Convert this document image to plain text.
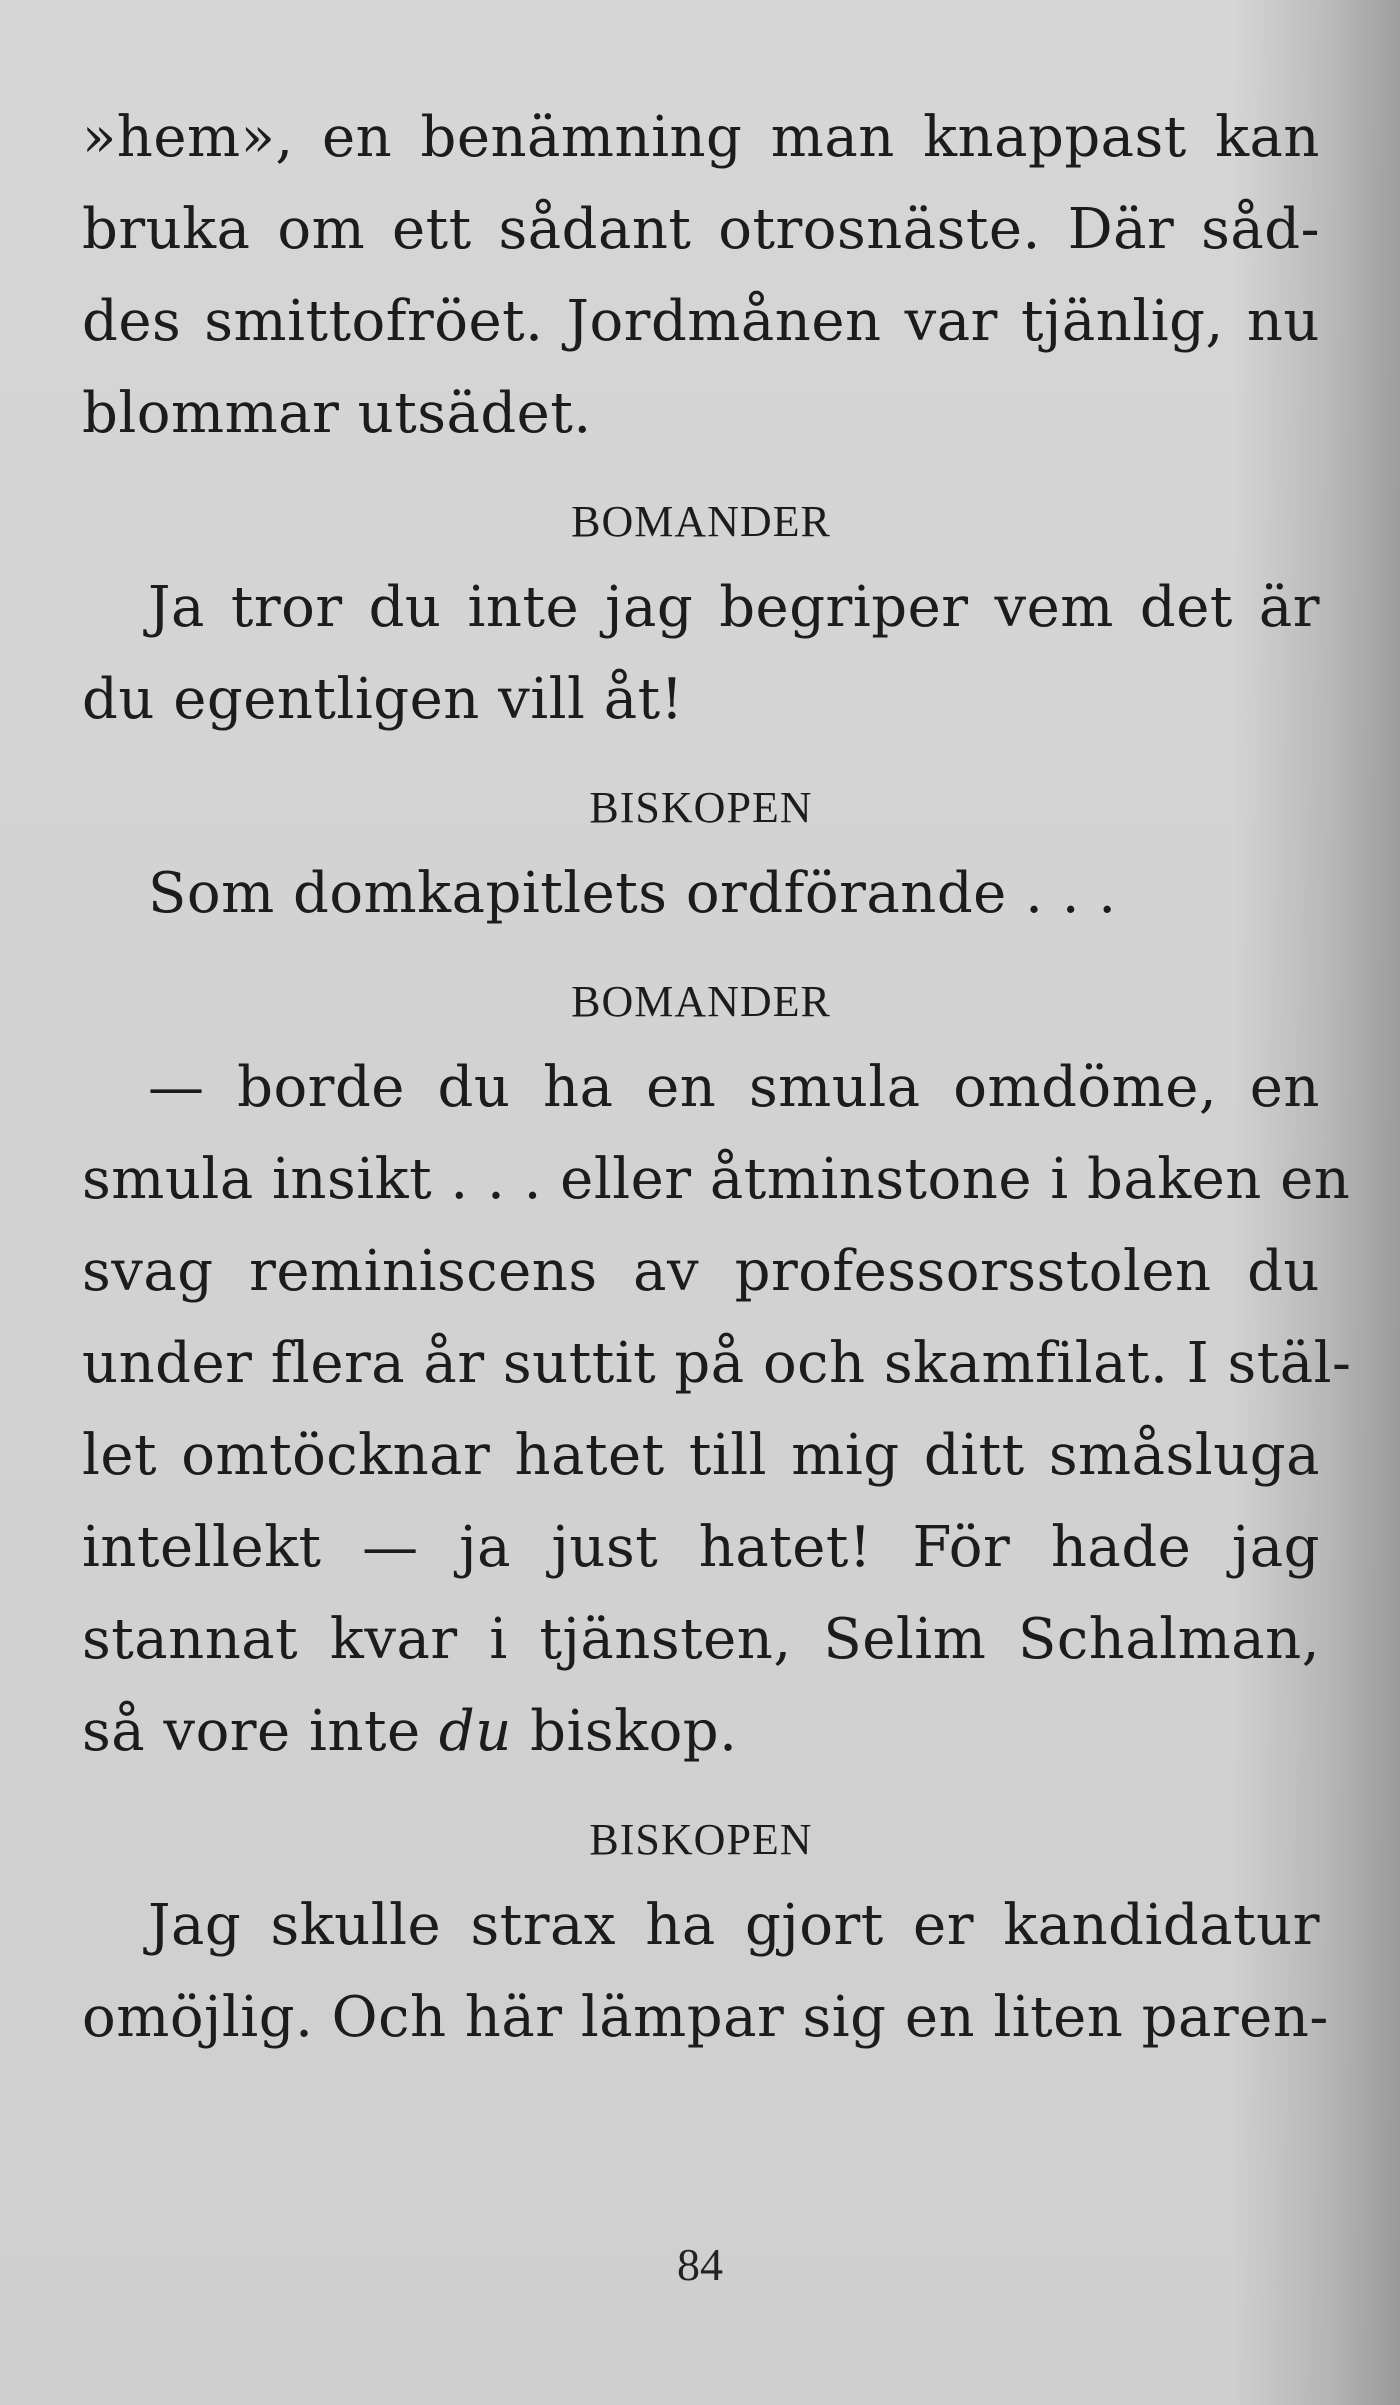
»hem», en benämning man knappast kan
bruka om ett sådant otrosnäste. Där såd-
des smittofröet. Jordmånen var tjänlig, nu
blommar utsädet.
BOMANDER
Ja tror du inte jag begriper vem det är
du egentligen vill åt!
BISKOPEN
Som domkapitlets ordförande . . .
BOMANDER
— borde du ha en smula omdöme, en
smula insikt . . . eller åtminstone i baken en
svag reminiscens av professorsstolen du
under flera år suttit på och skamfilat. I stäl-
let omtöcknar hatet till mig ditt småsluga
intellekt — ja just hatet! För hade jag
stannat kvar i tjänsten, Selim Schalman,
så vore inte du biskop.
BISKOPEN
Jag skulle strax ha gjort er kandidatur
omöjlig. Och här lämpar sig en liten paren-
84
